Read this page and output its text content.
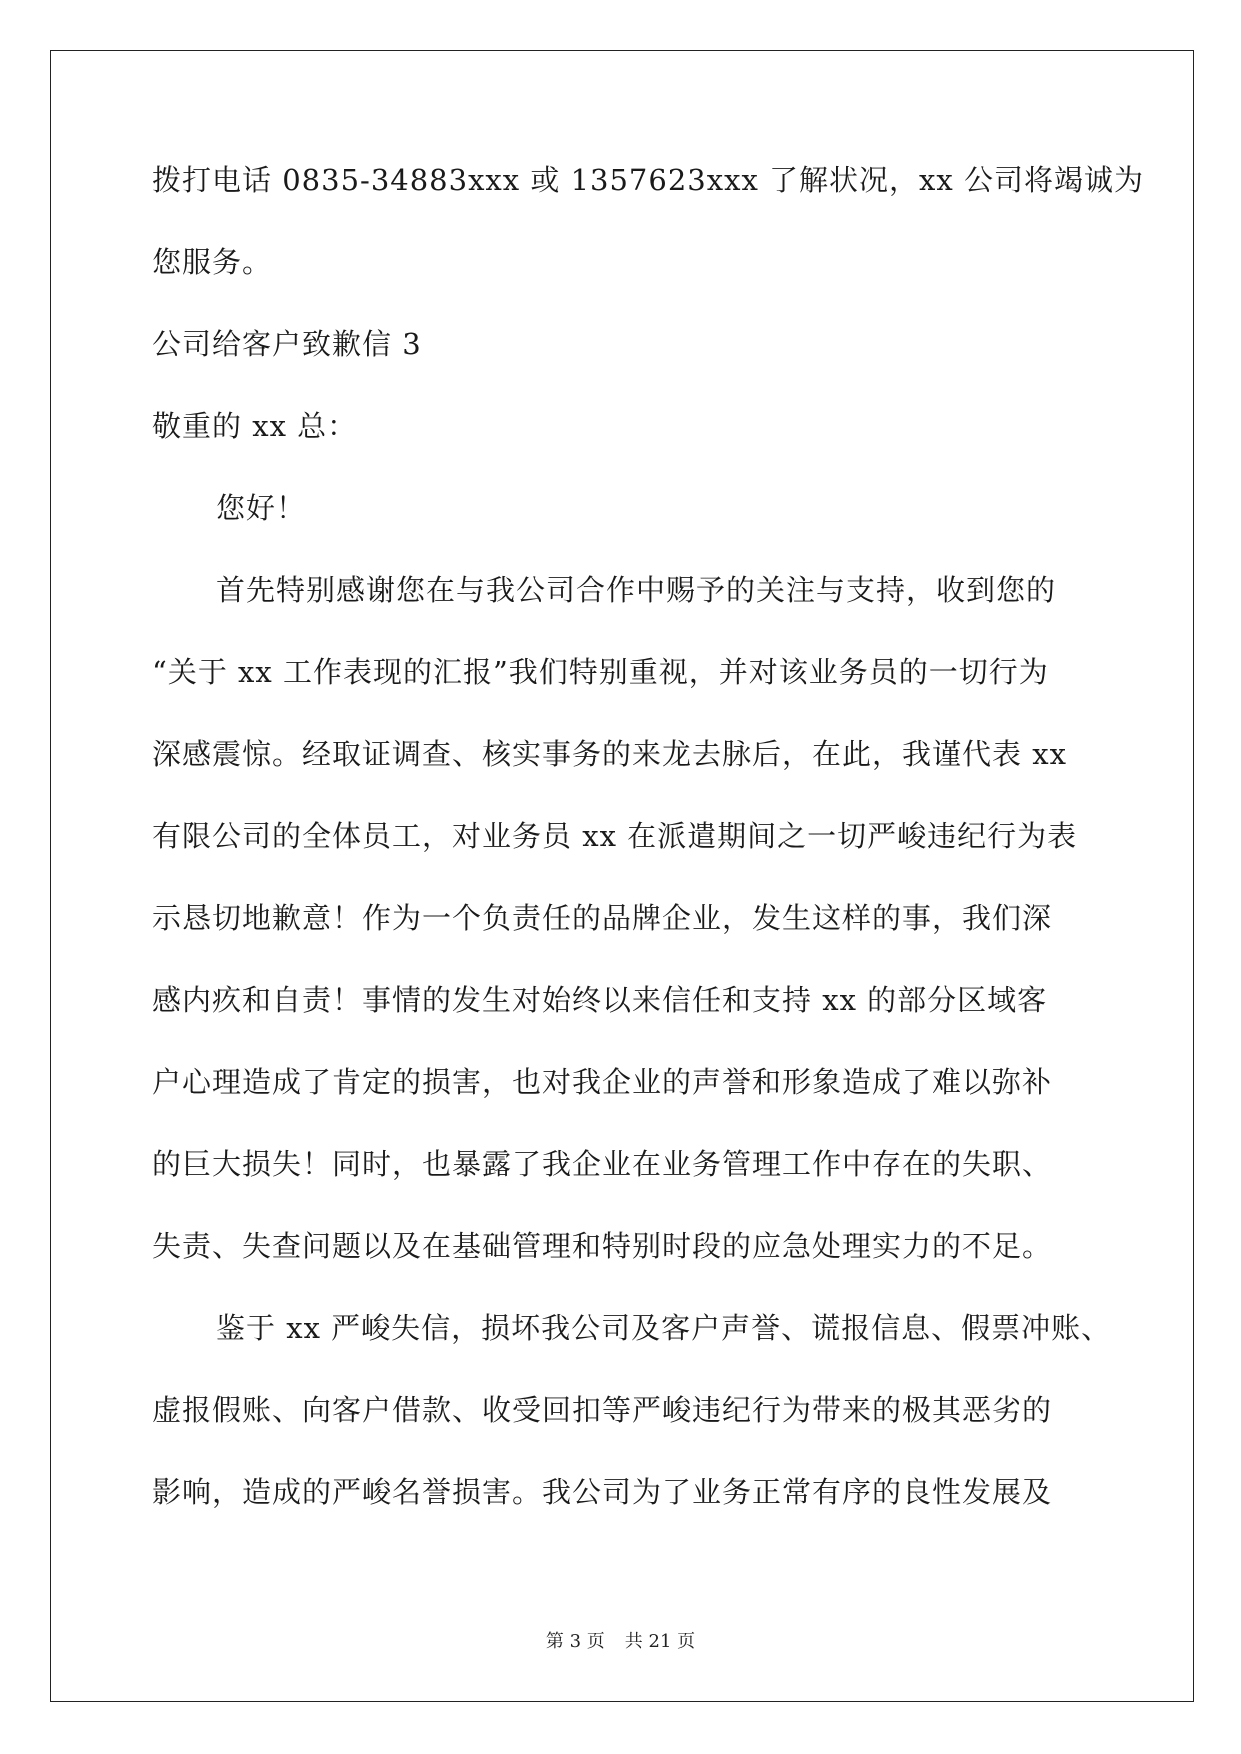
拨打电话 0835-34883xxx 或 1357623xxx 了解状况，xx 公司将竭诚为

您服务。

公司给客户致歉信 3

敬重的 xx 总：

您好！

首先特别感谢您在与我公司合作中赐予的关注与支持，收到您的

“关于 xx 工作表现的汇报”我们特别重视，并对该业务员的一切行为

深感震惊。经取证调查、核实事务的来龙去脉后，在此，我谨代表 xx

有限公司的全体员工，对业务员 xx 在派遣期间之一切严峻违纪行为表

示恳切地歉意！作为一个负责任的品牌企业，发生这样的事，我们深

感内疚和自责！事情的发生对始终以来信任和支持 xx 的部分区域客

户心理造成了肯定的损害，也对我企业的声誉和形象造成了难以弥补

的巨大损失！同时，也暴露了我企业在业务管理工作中存在的失职、

失责、失查问题以及在基础管理和特别时段的应急处理实力的不足。

鉴于 xx 严峻失信，损坏我公司及客户声誉、谎报信息、假票冲账、

虚报假账、向客户借款、收受回扣等严峻违纪行为带来的极其恶劣的

影响，造成的严峻名誉损害。我公司为了业务正常有序的良性发展及

第 3 页 共 21 页
